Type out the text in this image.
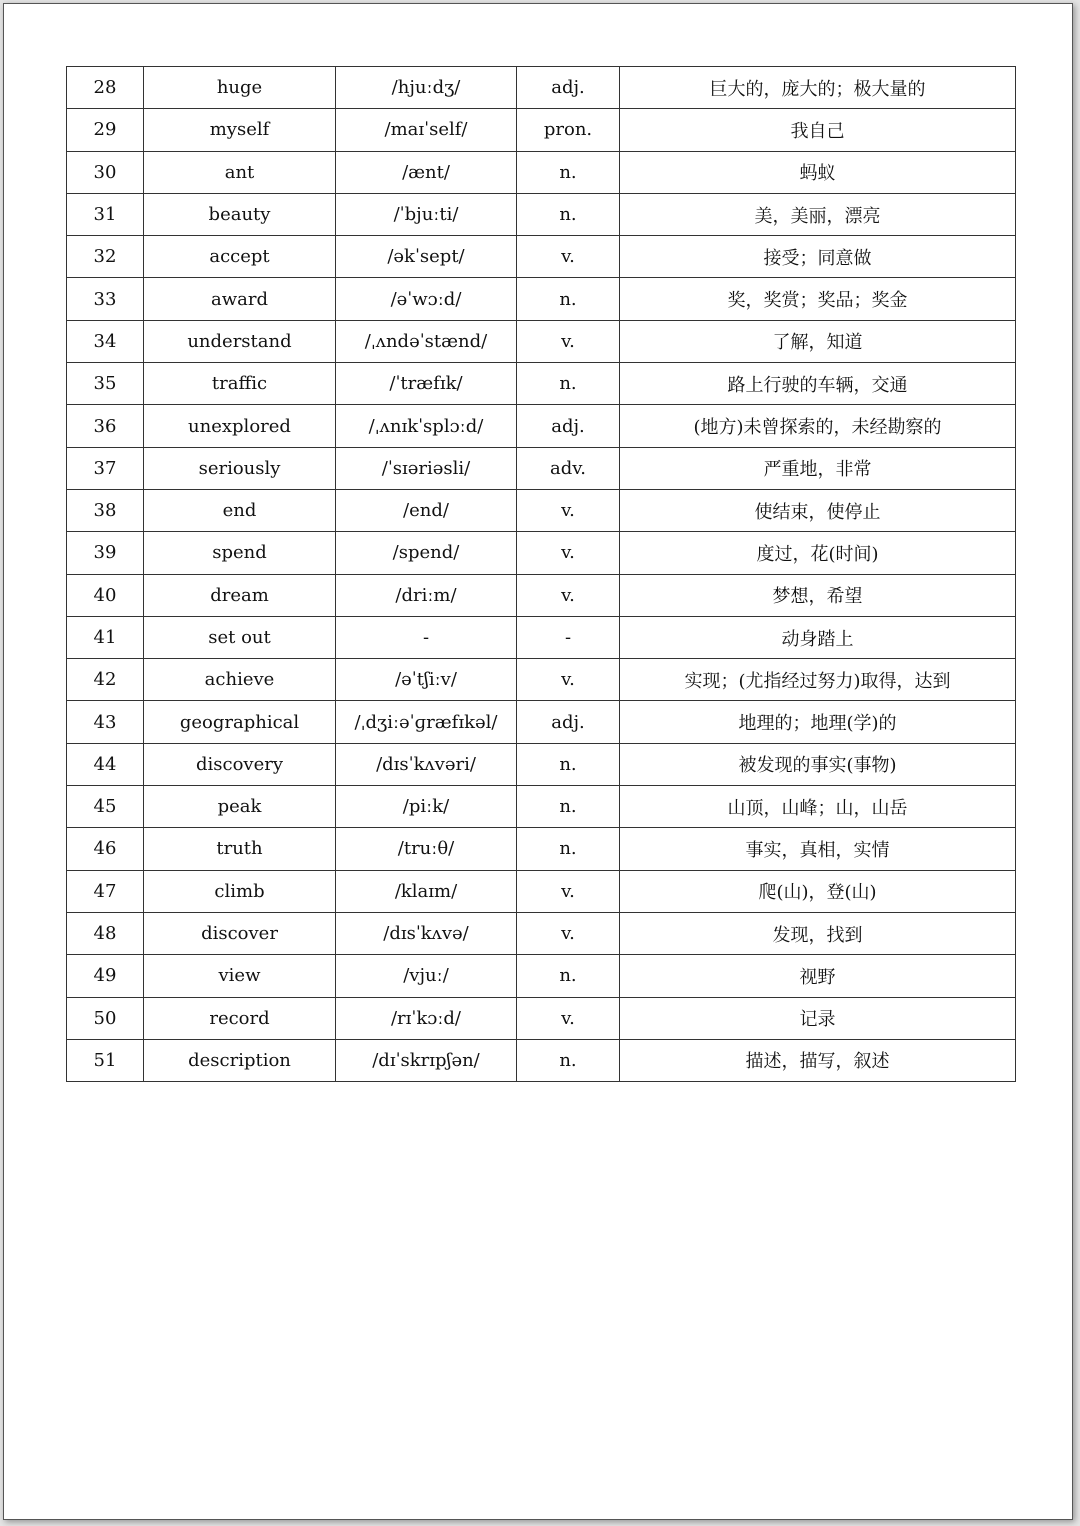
28	huge	/hjuːdʒ/	adj.	巨大的，庞大的；极大量的
29	myself	/maɪˈself/	pron.	我自己
30	ant	/ænt/	n.	蚂蚁
31	beauty	/ˈbjuːti/	n.	美，美丽，漂亮
32	accept	/əkˈsept/	v.	接受；同意做
33	award	/əˈwɔːd/	n.	奖，奖赏；奖品；奖金
34	understand	/ˌʌndəˈstænd/	v.	了解，知道
35	traffic	/ˈtræfɪk/	n.	路上行驶的车辆，交通
36	unexplored	/ˌʌnɪkˈsplɔːd/	adj.	(地方)未曾探索的，未经勘察的
37	seriously	/ˈsɪəriəsli/	adv.	严重地，非常
38	end	/end/	v.	使结束，使停止
39	spend	/spend/	v.	度过，花(时间)
40	dream	/driːm/	v.	梦想，希望
41	set out	-	-	动身踏上
42	achieve	/əˈtʃiːv/	v.	实现；(尤指经过努力)取得，达到
43	geographical	/ˌdʒiːəˈɡræfɪkəl/	adj.	地理的；地理(学)的
44	discovery	/dɪsˈkʌvəri/	n.	被发现的事实(事物)
45	peak	/piːk/	n.	山顶，山峰；山，山岳
46	truth	/truːθ/	n.	事实，真相，实情
47	climb	/klaɪm/	v.	爬(山)，登(山)
48	discover	/dɪsˈkʌvə/	v.	发现，找到
49	view	/vjuː/	n.	视野
50	record	/rɪˈkɔːd/	v.	记录
51	description	/dɪˈskrɪpʃən/	n.	描述，描写，叙述
